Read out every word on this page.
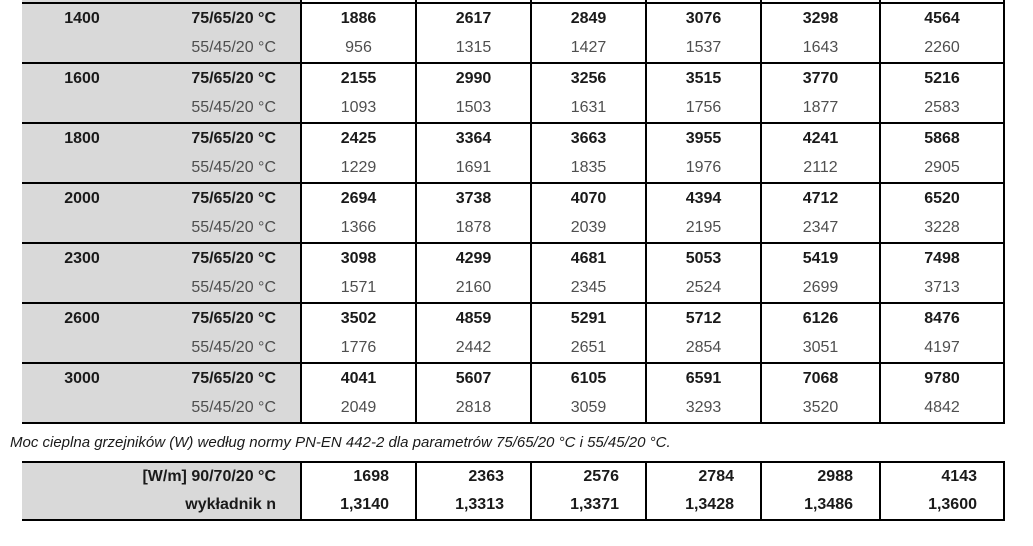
1400	75/65/20 °C	1886	2617	2849	3076	3298	4564
	55/45/20 °C	956	1315	1427	1537	1643	2260
1600	75/65/20 °C	2155	2990	3256	3515	3770	5216
	55/45/20 °C	1093	1503	1631	1756	1877	2583
1800	75/65/20 °C	2425	3364	3663	3955	4241	5868
	55/45/20 °C	1229	1691	1835	1976	2112	2905
2000	75/65/20 °C	2694	3738	4070	4394	4712	6520
	55/45/20 °C	1366	1878	2039	2195	2347	3228
2300	75/65/20 °C	3098	4299	4681	5053	5419	7498
	55/45/20 °C	1571	2160	2345	2524	2699	3713
2600	75/65/20 °C	3502	4859	5291	5712	6126	8476
	55/45/20 °C	1776	2442	2651	2854	3051	4197
3000	75/65/20 °C	4041	5607	6105	6591	7068	9780
	55/45/20 °C	2049	2818	3059	3293	3520	4842
Moc cieplna grzejników (W) według normy PN-EN 442-2 dla parametrów 75/65/20 °C i 55/45/20 °C.
[W/m] 90/70/20 °C	1698	2363	2576	2784	2988	4143
wykładnik n	1,3140	1,3313	1,3371	1,3428	1,3486	1,3600
